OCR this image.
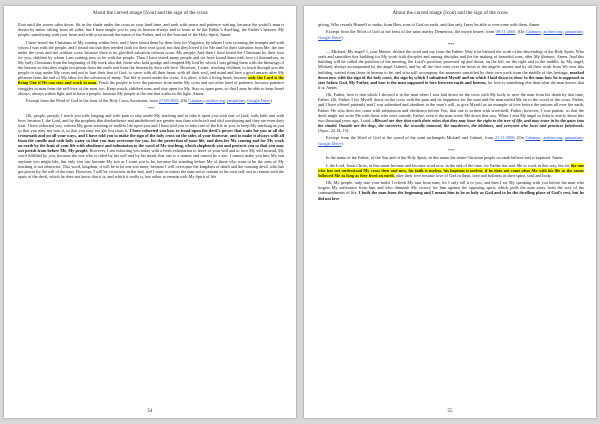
About the carved image (Icon) and the sign of the cross

float until the waves calm down. Sit in the shade under the cross in your hard time, and seek with peace and patience waiting, because the world’s man is drawn by mites calling from all sides, but I have taught you to stay in heaven always and to learn to be the Father’s dwelling, the Father’s heaven. My people, sanctifying with your heart and with your mouth the name of the Father, and of the Son and of the Holy Spirit. Amen.

I have tested the Christians of My coming within love, and I have tasted them by their love for Virginica, by whom I was scouring the trumpet and with whom I was with the people, and I found out that they needed faith for their own good, not that they loved it for Me and for their salvation from Me, the one under the cross and not without cross, because there is no glorified salvation without cross. My people: And then I have tested the Christians by their love for you, children by whom I am coming now to be with the people. Then I have tested many people and we have found them with love of themselves, as My early Christians from the beginning of My work also did, those who hold grudge and tempted My lord by which I was gifting them with the blessings of the heaven so that they might not perish from the earth and from the heaven by their self-love. However, I want, teaching children, to teach through you the people to stay under My cross and not to lose their fear of God, to carve with all their heart, with all their soul, and mind and love a good answer after My pleasure from the end of My labor for the salvation of many. The life is sweet under the cross; it is alive, it has a living heart, because only the Lord is the living One if He can stay and work in man. Teach the people to love the patience from under My cross and not other kind of patience, because patience struggles in man from the self-love of the man, too. Keep watch, children sons, and stay open for My. Stay so open goes, so that I may be able to keep Israel always, always within light and to have a people, because My people is the one that walks in the light. Amen.

Excerpt from the Word of God at the feast of the Holy Cross Ascension, from 27-09-2005. (On Calameo; archive.org; jampsfunc; Google Drive)

***

Oh, people, people, I teach you with longing and with pain to stay under My teaching and to take it upon you with fear of God, with faith and with love, because I, the Lord, and by the prophets that disobedience and misbelieved are greater sins than witchcraft and idol worshiping and they are even their fruit. I have exhorted you, written My great teaching of endless life upon you and I have told you to take care of the life in you, to keep My teaching as you so that you may not lose it, so that you may not get lost from it. I have exhorted you how to tread upon the devil’s power that waits for you at all the crossroads and on all your ways, and I have told you to make the sign of the holy cross on the sides of your footwear, and to make it always with all from the candle and with holy water so that you may overcome for you, for the protection of your life, and then for My coming and for My work on earth by the fruit of your life with obedience and submission to the word of My teaching, which shepherds you and protects you so that you may not perish from before Me, My people. However, I am exhorting you today with a fresh exhortation to leave of your will and to love My will instead, My word fulfilled by you, because the one who is ruled by his will and by his mind, that one is a master and cannot be a son. I cannot make you into My son anytime you might like, but only you can become My son as I want you to be, because the standing before Me of those who want to be the sons of My teaching is not otherwise. This word, kingdom, it will be to be one son more, because I will overcome the kingdom of death and the cunning devil, who has got power by the will of the man. However, I will be victorious in the end, and I want to exhort the man not to remain in his own self, not to remain with the spirit of the devil, which he does not know that it is, and which it really is, but rather to remain with My Spirit of life

54
About the carved image (Icon) and the sign of the cross

giving, Who reveals Himself to make, from Him, sons of God on earth, and that only I may be able to overcome with them. Amen.

Excerpt from the Word of God at the feast of the saint martyr Demetrios, the myrrh bearer, from 08-11-2005. (On Calameo; archive.org; jampsfunc; Google Drive)

***

— Michael, My angel! I, your Master, declare the word and say from the Father: May it be blessed the work of the descending of the Holy Spirit, Who seals and sanctifies this building for My work with disciples and among disciples and for the making of beautiful sons, after My likeness. Amen. And this building will be called the pavilion of the meeting, the Lord’s pavilion, protected up and down, on the left, on the right and in the middle, by My angel, Michael, always accompanied by the angel Gabriel, and by all the first ones over the hosts of the angelic armies and by all their work from We over this building, waited from those in heaven to be, and who will accompany the moments sanctified by their own work from the middle of this heritage, marked down now with the sign of the holy cross, the sign by which I submitted Myself and on which I laid down to show to the man how he is supposed to stay before God, My Father, and how is the man supposed to love between earth and heaven, for love is something else than what the man knows that it is. Amen.

Oh, Father, love is that which I showed it to the man when I was laid down on the cross with My body to save the man from his death by that time, Father. Oh, Father, I lay Myself down on the cross with the pain and its happiness for the man and the man nailed Me on to the wood of the cross, Father, and I have offered patiently and I was submitted and obedient to the man’s will, to give Myself as an example of love before the nations all over the earth, Father. He who does not come with submission and obedience before You, that one is written with wretchedl, Father; however, I was patient, so that the devil might not write Me with those who were outside, Father, even if the man wrote Me down that way. When I sent My angel to John to testify about this two thousand years ago, I said: «Blessed are they that wash their robes that they may have the right to the tree of life, and may enter in by the gates into the citadel. Outside are the dogs, the sorcerers, the sexually immoral, the murderers, the idolaters, and everyone who loves and practices falsehood» (Apoc. 22:14, 15).

Excerpt from the Word of God at the synod of the saint archangels Michael and Gabriel, from 21-11-2006. (On Calameo; archive.org; jampsfunc; Google Drive)

***

In the name of the Father, of the Son and of the Holy Spirit, in this name the entire Christian people on earth believe and is baptized. Amen.

I, the Lord, Jesus Christ, in this name became and become word now, in the end of the time, for Father has sent Me to work in this way, but for the one who has not understood My cross then and now, his faith is useless, his baptism is useless, if he does not come after Me with his life as the saints followed Me as long as they lived on earth, after their love became love of God in them, love and holiness in their spirit, soul and body.

Oh, My people, only into your midst I refresh My ram from man, for I only tell it to you, and then I set My speaking with you before the man who forgets My sufferance from him and who diminish My victory for him against the opposing spirit, which pulls the man away from the way of the commandments of life. I built the man from the beginning and I meant him to be as holy as God and to be the dwelling place of God’s rest, but he did not love

55
